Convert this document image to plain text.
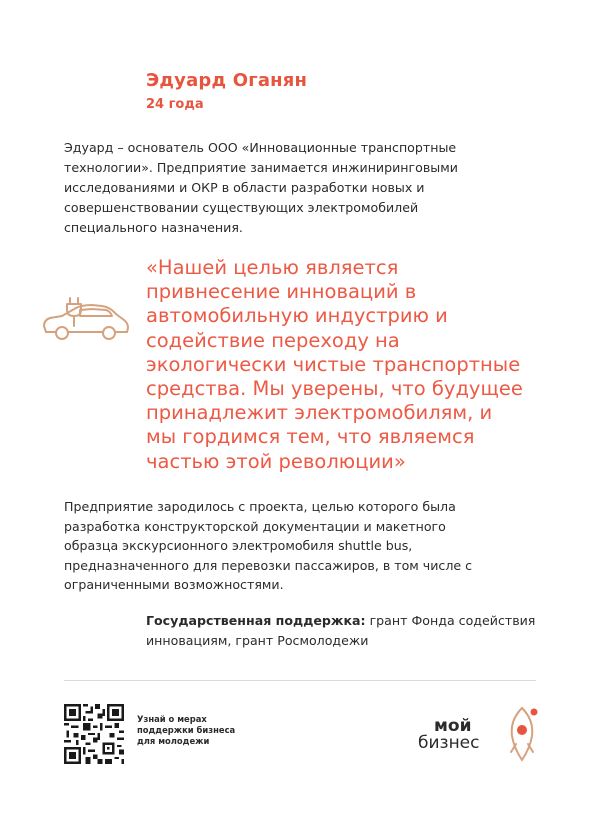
Эдуард Оганян
24 года
Эдуард – основатель ООО «Инновационные транспортные технологии». Предприятие занимается инжиниринговыми исследованиями и ОКР в области разработки новых и совершенствовании существующих электромобилей специального назначения.
«Нашей целью является привнесение инноваций в автомобильную индустрию и содействие переходу на экологически чистые транспортные средства. Мы уверены, что будущее принадлежит электромобилям, и мы гордимся тем, что являемся частью этой революции»
Предприятие зародилось с проекта, целью которого была разработка конструкторской документации и макетного образца экскурсионного электромобиля shuttle bus, предназначенного для перевозки пассажиров, в том числе с ограниченными возможностями.
Государственная поддержка: грант Фонда содействия инновациям, грант Росмолодежи
Узнай о мерах поддержки бизнеса для молодежи
мой
бизнес
